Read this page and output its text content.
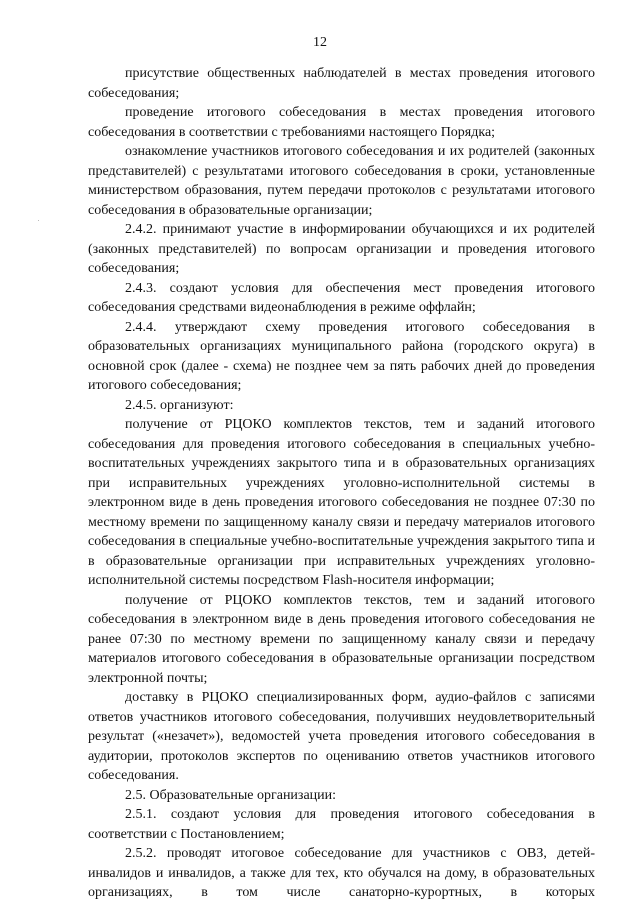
12

присутствие общественных наблюдателей в местах проведения итогового собеседования;

проведение итогового собеседования в местах проведения итогового собеседования в соответствии с требованиями настоящего Порядка;

ознакомление участников итогового собеседования и их родителей (законных представителей) с результатами итогового собеседования в сроки, установленные министерством образования, путем передачи протоколов с результатами итогового собеседования в образовательные организации;

2.4.2. принимают участие в информировании обучающихся и их родителей (законных представителей) по вопросам организации и проведения итогового собеседования;

2.4.3. создают условия для обеспечения мест проведения итогового собеседования средствами видеонаблюдения в режиме оффлайн;

2.4.4. утверждают схему проведения итогового собеседования в образовательных организациях муниципального района (городского округа) в основной срок (далее - схема) не позднее чем за пять рабочих дней до проведения итогового собеседования;

2.4.5. организуют:

получение от РЦОКО комплектов текстов, тем и заданий итогового собеседования для проведения итогового собеседования в специальных учебно-воспитательных учреждениях закрытого типа и в образовательных организациях при исправительных учреждениях уголовно-исполнительной системы в электронном виде в день проведения итогового собеседования не позднее 07:30 по местному времени по защищенному каналу связи и передачу материалов итогового собеседования в специальные учебно-воспитательные учреждения закрытого типа и в образовательные организации при исправительных учреждениях уголовно-исполнительной системы посредством Flash-носителя информации;

получение от РЦОКО комплектов текстов, тем и заданий итогового собеседования в электронном виде в день проведения итогового собеседования не ранее 07:30 по местному времени по защищенному каналу связи и передачу материалов итогового собеседования в образовательные организации посредством электронной почты;

доставку в РЦОКО специализированных форм, аудио-файлов с записями ответов участников итогового собеседования, получивших неудовлетворительный результат («незачет»), ведомостей учета проведения итогового собеседования в аудитории, протоколов экспертов по оцениванию ответов участников итогового собеседования.

2.5. Образовательные организации:

2.5.1. создают условия для проведения итогового собеседования в соответствии с Постановлением;

2.5.2. проводят итоговое собеседование для участников с ОВЗ, детей-инвалидов и инвалидов, а также для тех, кто обучался на дому, в образовательных организациях, в том числе санаторно-курортных, в которых
